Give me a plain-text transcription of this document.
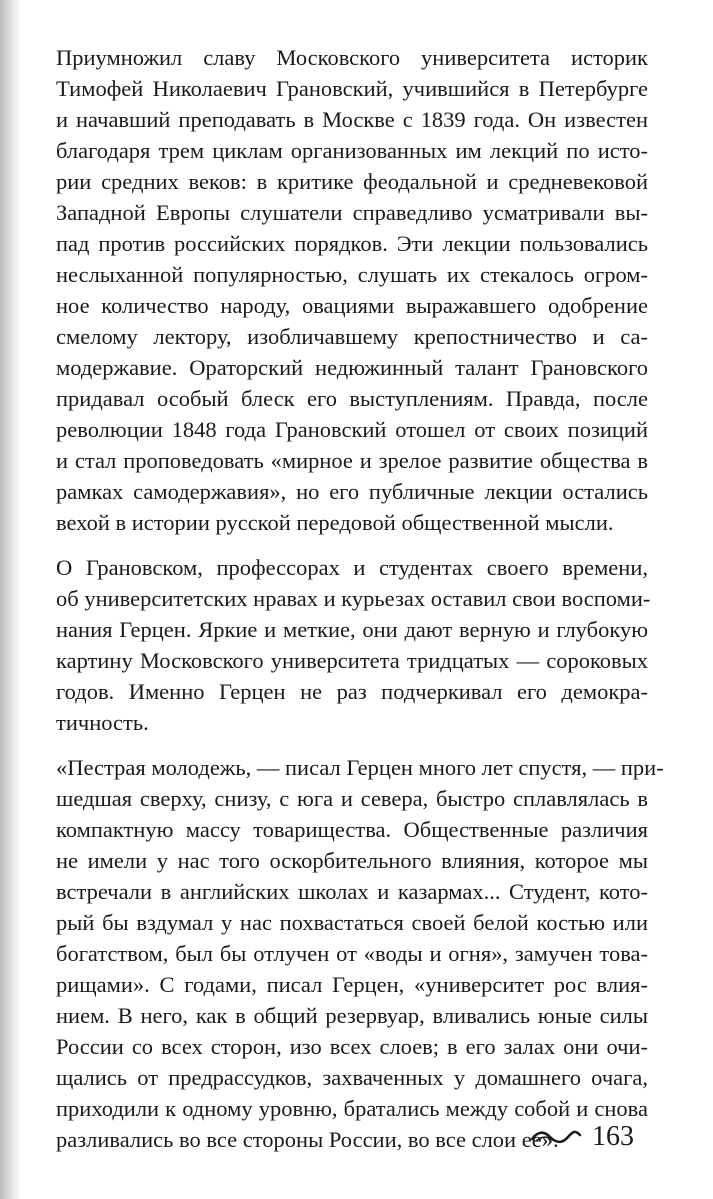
Приумножил славу Московского университета историк
Тимофей Николаевич Грановский, учившийся в Петербурге
и начавший преподавать в Москве с 1839 года. Он известен
благодаря трем циклам организованных им лекций по исто-
рии средних веков: в критике феодальной и средневековой
Западной Европы слушатели справедливо усматривали вы-
пад против российских порядков. Эти лекции пользовались
неслыханной популярностью, слушать их стекалось огром-
ное количество народу, овациями выражавшего одобрение
смелому лектору, изобличавшему крепостничество и са-
модержавие. Ораторский недюжинный талант Грановского
придавал особый блеск его выступлениям. Правда, после
революции 1848 года Грановский отошел от своих позиций
и стал проповедовать «мирное и зрелое развитие общества в
рамках самодержавия», но его публичные лекции остались
вехой в истории русской передовой общественной мысли.
О Грановском, профессорах и студентах своего времени,
об университетских нравах и курьезах оставил свои воспоми-
нания Герцен. Яркие и меткие, они дают верную и глубокую
картину Московского университета тридцатых — сороковых
годов. Именно Герцен не раз подчеркивал его демокра-
тичность.
«Пестрая молодежь, — писал Герцен много лет спустя, — при-
шедшая сверху, снизу, с юга и севера, быстро сплавлялась в
компактную массу товарищества. Общественные различия
не имели у нас того оскорбительного влияния, которое мы
встречали в английских школах и казармах... Студент, кото-
рый бы вздумал у нас похвастаться своей белой костью или
богатством, был бы отлучен от «воды и огня», замучен това-
рищами». С годами, писал Герцен, «университет рос влия-
нием. В него, как в общий резервуар, вливались юные силы
России со всех сторон, изо всех слоев; в его залах они очи-
щались от предрассудков, захваченных у домашнего очага,
приходили к одному уровню, братались между собой и снова
разливались во все стороны России, во все слои ее».	163
